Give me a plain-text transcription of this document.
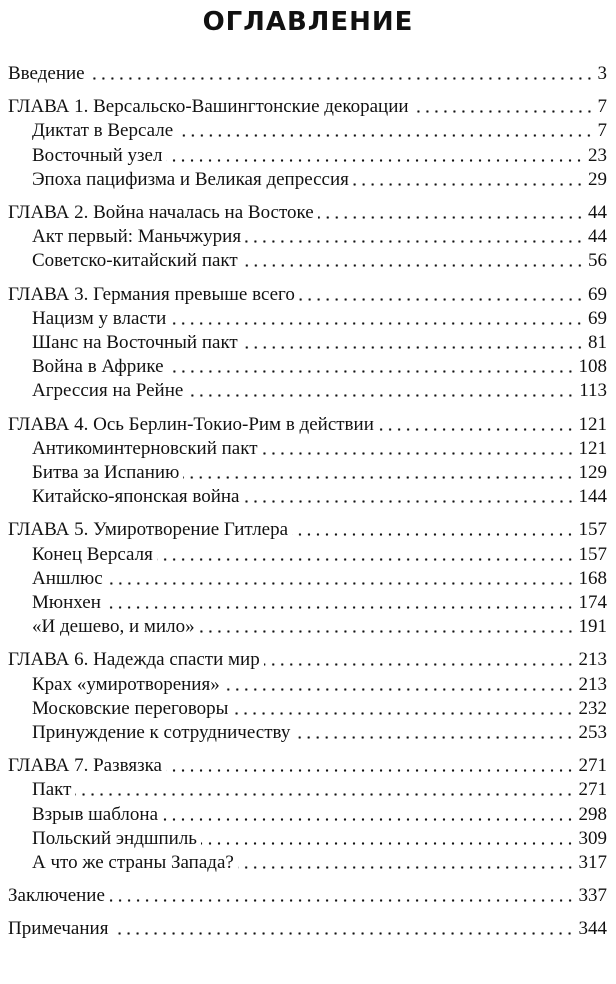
ОГЛАВЛЕНИЕ
Введение	3
ГЛАВА 1. Версальско-Вашингтонские декорации	7
Диктат в Версале	7
Восточный узел	23
Эпоха пацифизма и Великая депрессия	29
ГЛАВА 2. Война началась на Востоке	44
Акт первый: Маньчжурия	44
Советско-китайский пакт	56
ГЛАВА 3. Германия превыше всего	69
Нацизм у власти	69
Шанс на Восточный пакт	81
Война в Африке	108
Агрессия на Рейне	113
ГЛАВА 4. Ось Берлин-Токио-Рим в действии	121
Антикоминтерновский пакт	121
Битва за Испанию	129
Китайско-японская война	144
ГЛАВА 5. Умиротворение Гитлера	157
Конец Версаля	157
Аншлюс	168
Мюнхен	174
«И дешево, и мило»	191
ГЛАВА 6. Надежда спасти мир	213
Крах «умиротворения»	213
Московские переговоры	232
Принуждение к сотрудничеству	253
ГЛАВА 7. Развязка	271
Пакт	271
Взрыв шаблона	298
Польский эндшпиль	309
А что же страны Запада?	317
Заключение	337
Примечания	344
